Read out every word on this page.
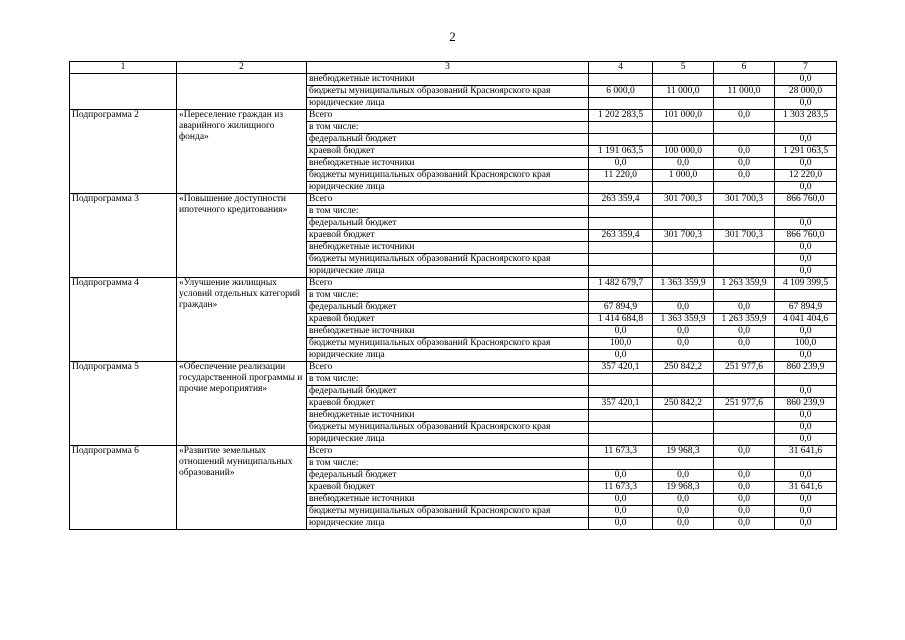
2
1	2	3	4	5	6	7
		внебюджетные источники				0,0
		бюджеты муниципальных образований Красноярского края	6 000,0	11 000,0	11 000,0	28 000,0
		юридические лица				0,0
Подпрограмма 2	«Переселение граждан из аварийного жилищного фонда»	Всего	1 202 283,5	101 000,0	0,0	1 303 283,5
		в том числе:				
		федеральный бюджет				0,0
		краевой бюджет	1 191 063,5	100 000,0	0,0	1 291 063,5
		внебюджетные источники	0,0	0,0	0,0	0,0
		бюджеты муниципальных образований Красноярского края	11 220,0	1 000,0	0,0	12 220,0
		юридические лица				0,0
Подпрограмма 3	«Повышение доступности ипотечного кредитования»	Всего	263 359,4	301 700,3	301 700,3	866 760,0
		в том числе:				
		федеральный бюджет				0,0
		краевой бюджет	263 359,4	301 700,3	301 700,3	866 760,0
		внебюджетные источники				0,0
		бюджеты муниципальных образований Красноярского края				0,0
		юридические лица				0,0
Подпрограмма 4	«Улучшение жилищных условий отдельных категорий граждан»	Всего	1 482 679,7	1 363 359,9	1 263 359,9	4 109 399,5
		в том числе:				
		федеральный бюджет	67 894,9	0,0	0,0	67 894,9
		краевой бюджет	1 414 684,8	1 363 359,9	1 263 359,9	4 041 404,6
		внебюджетные источники	0,0	0,0	0,0	0,0
		бюджеты муниципальных образований Красноярского края	100,0	0,0	0,0	100,0
		юридические лица	0,0			0,0
Подпрограмма 5	«Обеспечение реализации государственной программы и прочие мероприятия»	Всего	357 420,1	250 842,2	251 977,6	860 239,9
		в том числе:				
		федеральный бюджет				0,0
		краевой бюджет	357 420,1	250 842,2	251 977,6	860 239,9
		внебюджетные источники				0,0
		бюджеты муниципальных образований Красноярского края				0,0
		юридические лица				0,0
Подпрограмма 6	«Развитие земельных отношений муниципальных образований»	Всего	11 673,3	19 968,3	0,0	31 641,6
		в том числе:				
		федеральный бюджет	0,0	0,0	0,0	0,0
		краевой бюджет	11 673,3	19 968,3	0,0	31 641,6
		внебюджетные источники	0,0	0,0	0,0	0,0
		бюджеты муниципальных образований Красноярского края	0,0	0,0	0,0	0,0
		юридические лица	0,0	0,0	0,0	0,0
